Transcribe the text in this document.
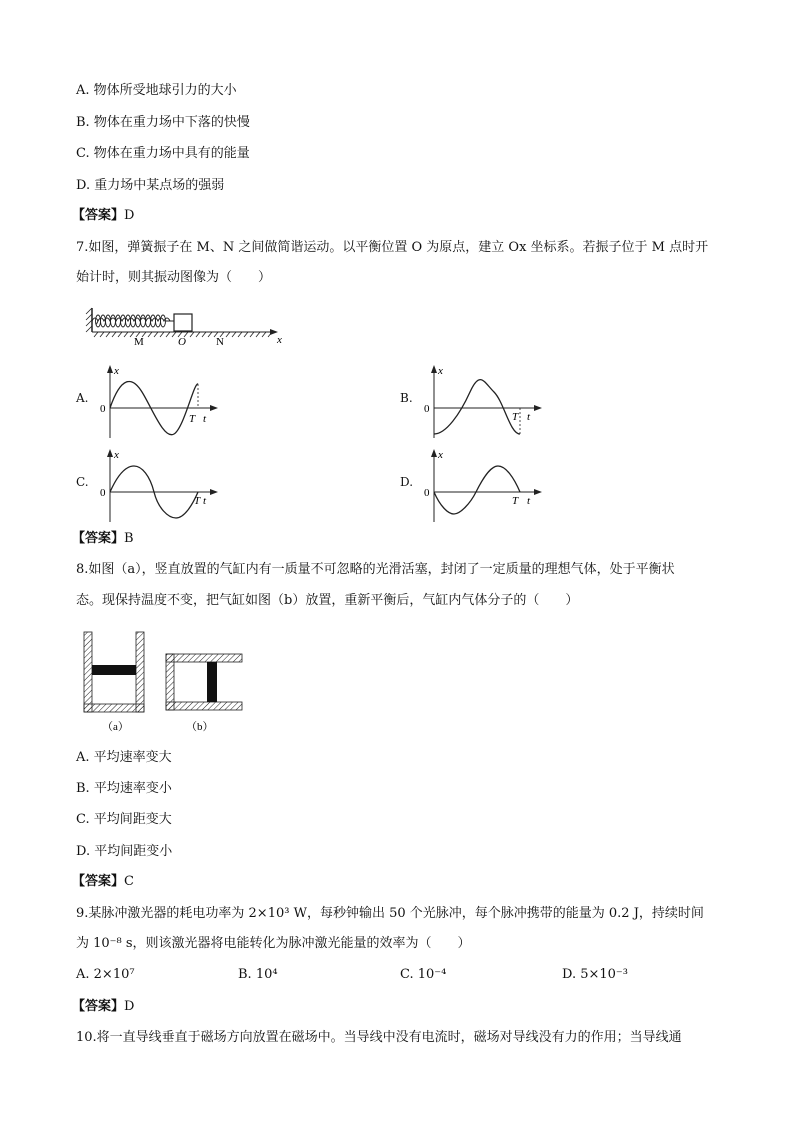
A. 物体所受地球引力的大小
B. 物体在重力场中下落的快慢
C. 物体在重力场中具有的能量
D. 重力场中某点场的强弱
【答案】D
7.如图，弹簧振子在 M、N 之间做简谐运动。以平衡位置 O 为原点，建立 Ox 坐标系。若振子位于 M 点时开
始计时，则其振动图像为（　　）
M	O	N	x
A.
x
0
T t
B.
x
0
T t
C.
x
0
T t
D.
x
0
T t
【答案】B
8.如图（a），竖直放置的气缸内有一质量不可忽略的光滑活塞，封闭了一定质量的理想气体，处于平衡状
态。现保持温度不变，把气缸如图（b）放置，重新平衡后，气缸内气体分子的（　　）
（a）	（b）
A. 平均速率变大
B. 平均速率变小
C. 平均间距变大
D. 平均间距变小
【答案】C
9.某脉冲激光器的耗电功率为 2×10³ W，每秒钟输出 50 个光脉冲，每个脉冲携带的能量为 0.2 J，持续时间
为 10⁻⁸ s，则该激光器将电能转化为脉冲激光能量的效率为（　　）
A. 2×10⁷	B. 10⁴	C. 10⁻⁴	D. 5×10⁻³
【答案】D
10.将一直导线垂直于磁场方向放置在磁场中。当导线中没有电流时，磁场对导线没有力的作用；当导线通
